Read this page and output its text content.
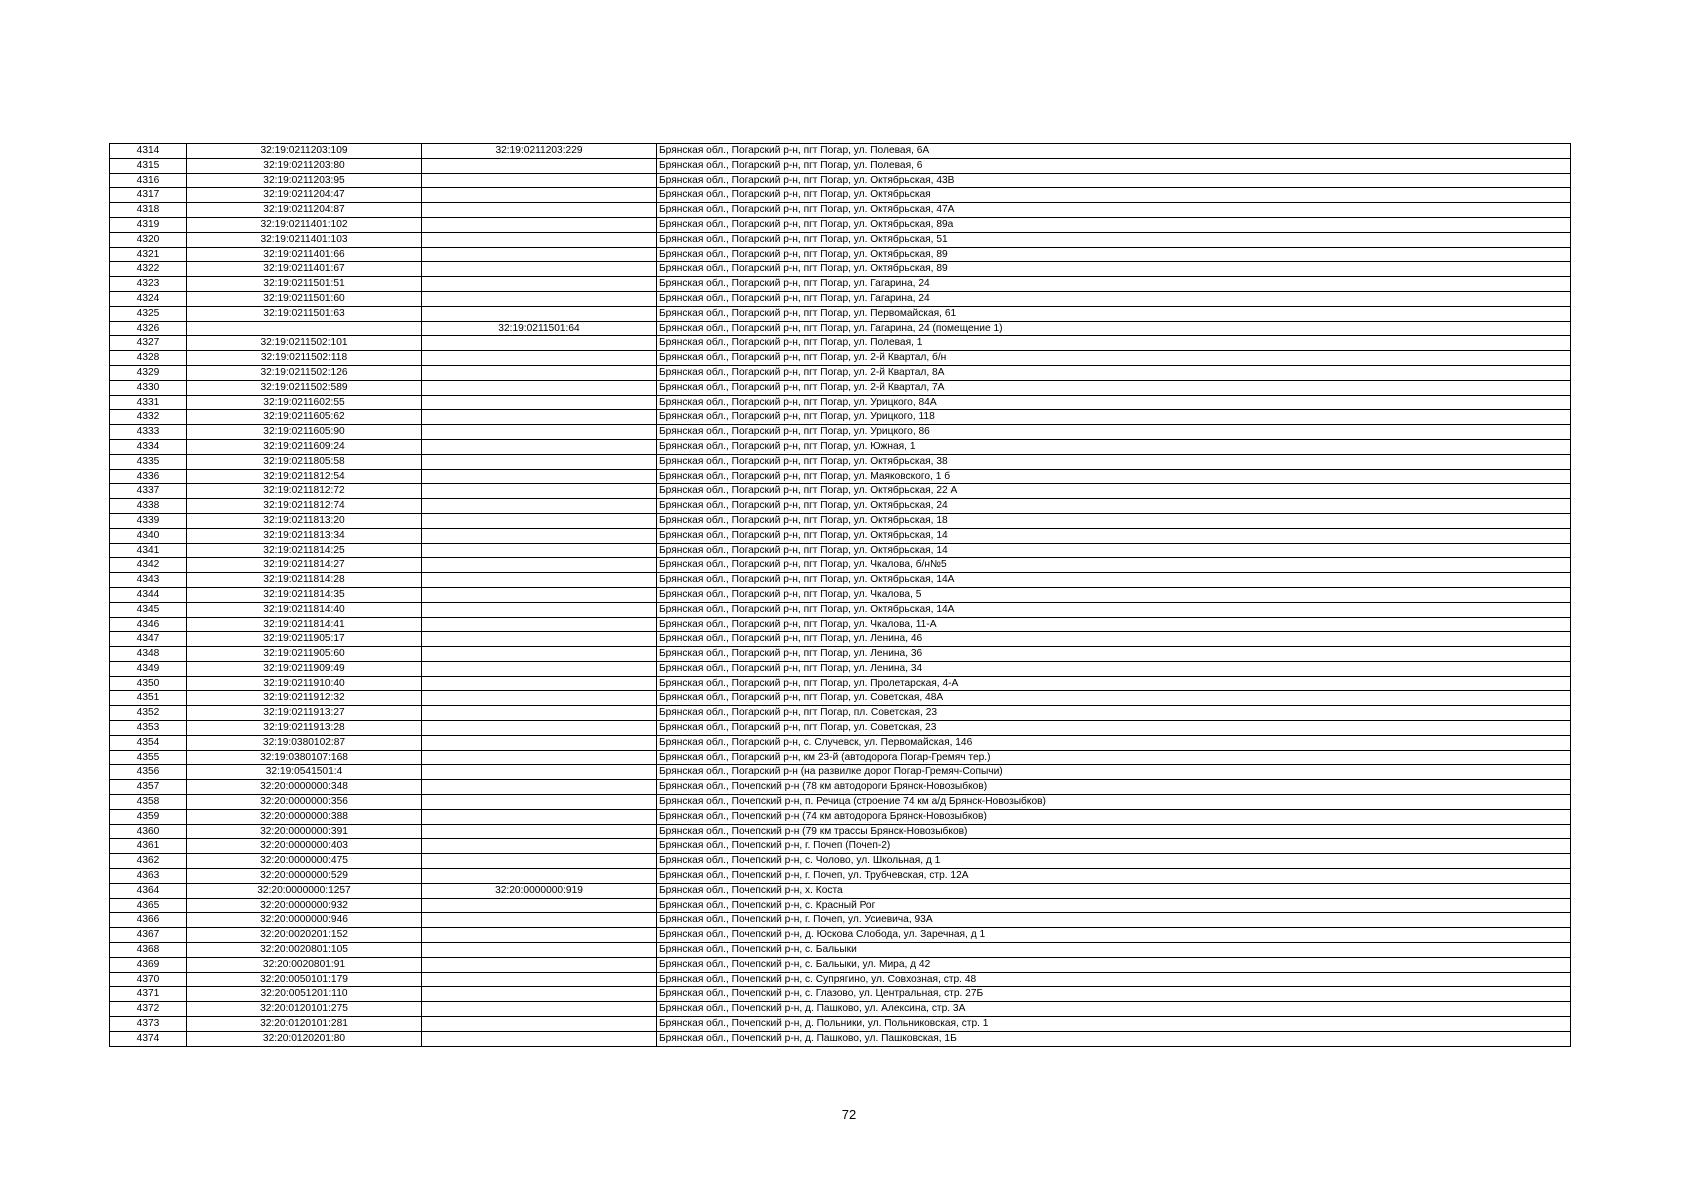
4314	32:19:0211203:109	32:19:0211203:229	Брянская обл., Погарский р-н, пгт Погар, ул. Полевая, 6А
4315	32:19:0211203:80		Брянская обл., Погарский р-н, пгт Погар, ул. Полевая, 6
4316	32:19:0211203:95		Брянская обл., Погарский р-н, пгт Погар, ул. Октябрьская, 43В
4317	32:19:0211204:47		Брянская обл., Погарский р-н, пгт Погар, ул. Октябрьская
4318	32:19:0211204:87		Брянская обл., Погарский р-н, пгт Погар, ул. Октябрьская, 47А
4319	32:19:0211401:102		Брянская обл., Погарский р-н, пгт Погар, ул. Октябрьская, 89а
4320	32:19:0211401:103		Брянская обл., Погарский р-н, пгт Погар, ул. Октябрьская, 51
4321	32:19:0211401:66		Брянская обл., Погарский р-н, пгт Погар, ул. Октябрьская, 89
4322	32:19:0211401:67		Брянская обл., Погарский р-н, пгт Погар, ул. Октябрьская, 89
4323	32:19:0211501:51		Брянская обл., Погарский р-н, пгт Погар, ул. Гагарина, 24
4324	32:19:0211501:60		Брянская обл., Погарский р-н, пгт Погар, ул. Гагарина, 24
4325	32:19:0211501:63		Брянская обл., Погарский р-н, пгт Погар, ул. Первомайская, 61
4326		32:19:0211501:64	Брянская обл., Погарский р-н, пгт Погар, ул. Гагарина, 24 (помещение 1)
4327	32:19:0211502:101		Брянская обл., Погарский р-н, пгт Погар, ул. Полевая, 1
4328	32:19:0211502:118		Брянская обл., Погарский р-н, пгт Погар, ул. 2-й Квартал, б/н
4329	32:19:0211502:126		Брянская обл., Погарский р-н, пгт Погар, ул. 2-й Квартал, 8А
4330	32:19:0211502:589		Брянская обл., Погарский р-н, пгт Погар, ул. 2-й Квартал, 7А
4331	32:19:0211602:55		Брянская обл., Погарский р-н, пгт Погар, ул. Урицкого, 84А
4332	32:19:0211605:62		Брянская обл., Погарский р-н, пгт Погар, ул. Урицкого, 118
4333	32:19:0211605:90		Брянская обл., Погарский р-н, пгт Погар, ул. Урицкого, 86
4334	32:19:0211609:24		Брянская обл., Погарский р-н, пгт Погар, ул. Южная, 1
4335	32:19:0211805:58		Брянская обл., Погарский р-н, пгт Погар, ул. Октябрьская, 38
4336	32:19:0211812:54		Брянская обл., Погарский р-н, пгт Погар, ул. Маяковского, 1 б
4337	32:19:0211812:72		Брянская обл., Погарский р-н, пгт Погар, ул. Октябрьская, 22 А
4338	32:19:0211812:74		Брянская обл., Погарский р-н, пгт Погар, ул. Октябрьская, 24
4339	32:19:0211813:20		Брянская обл., Погарский р-н, пгт Погар, ул. Октябрьская, 18
4340	32:19:0211813:34		Брянская обл., Погарский р-н, пгт Погар, ул. Октябрьская, 14
4341	32:19:0211814:25		Брянская обл., Погарский р-н, пгт Погар, ул. Октябрьская, 14
4342	32:19:0211814:27		Брянская обл., Погарский р-н, пгт Погар, ул. Чкалова, б/н№5
4343	32:19:0211814:28		Брянская обл., Погарский р-н, пгт Погар, ул. Октябрьская, 14А
4344	32:19:0211814:35		Брянская обл., Погарский р-н, пгт Погар, ул. Чкалова, 5
4345	32:19:0211814:40		Брянская обл., Погарский р-н, пгт Погар, ул. Октябрьская, 14А
4346	32:19:0211814:41		Брянская обл., Погарский р-н, пгт Погар, ул. Чкалова, 11-А
4347	32:19:0211905:17		Брянская обл., Погарский р-н, пгт Погар, ул. Ленина, 46
4348	32:19:0211905:60		Брянская обл., Погарский р-н, пгт Погар, ул. Ленина, 36
4349	32:19:0211909:49		Брянская обл., Погарский р-н, пгт Погар, ул. Ленина, 34
4350	32:19:0211910:40		Брянская обл., Погарский р-н, пгт Погар, ул. Пролетарская, 4-А
4351	32:19:0211912:32		Брянская обл., Погарский р-н, пгт Погар, ул. Советская, 48А
4352	32:19:0211913:27		Брянская обл., Погарский р-н, пгт Погар, пл. Советская, 23
4353	32:19:0211913:28		Брянская обл., Погарский р-н, пгт Погар, ул. Советская, 23
4354	32:19:0380102:87		Брянская обл., Погарский р-н, с. Случевск, ул. Первомайская, 146
4355	32:19:0380107:168		Брянская обл., Погарский р-н, км 23-й (автодорога Погар-Гремяч тер.)
4356	32:19:0541501:4		Брянская обл., Погарский р-н (на развилке дорог Погар-Гремяч-Сопычи)
4357	32:20:0000000:348		Брянская обл., Почепский р-н (78 км автодороги Брянск-Новозыбков)
4358	32:20:0000000:356		Брянская обл., Почепский р-н, п. Речица (строение 74 км а/д Брянск-Новозыбков)
4359	32:20:0000000:388		Брянская обл., Почепский р-н (74 км автодорога Брянск-Новозыбков)
4360	32:20:0000000:391		Брянская обл., Почепский р-н (79 км трассы Брянск-Новозыбков)
4361	32:20:0000000:403		Брянская обл., Почепский р-н, г. Почеп (Почеп-2)
4362	32:20:0000000:475		Брянская обл., Почепский р-н, с. Чолово, ул. Школьная, д 1
4363	32:20:0000000:529		Брянская обл., Почепский р-н, г. Почеп, ул. Трубчевская, стр. 12А
4364	32:20:0000000:1257	32:20:0000000:919	Брянская обл., Почепский р-н, х. Коста
4365	32:20:0000000:932		Брянская обл., Почепский р-н, с. Красный Рог
4366	32:20:0000000:946		Брянская обл., Почепский р-н, г. Почеп, ул. Усиевича, 93А
4367	32:20:0020201:152		Брянская обл., Почепский р-н, д. Юскова Слобода, ул. Заречная, д 1
4368	32:20:0020801:105		Брянская обл., Почепский р-н, с. Бальыки
4369	32:20:0020801:91		Брянская обл., Почепский р-н, с. Бальыки, ул. Мира, д 42
4370	32:20:0050101:179		Брянская обл., Почепский р-н, с. Супрягино, ул. Совхозная, стр. 48
4371	32:20:0051201:110		Брянская обл., Почепский р-н, с. Глазово, ул. Центральная, стр. 27Б
4372	32:20:0120101:275		Брянская обл., Почепский р-н, д. Пашково, ул. Алексина, стр. 3А
4373	32:20:0120101:281		Брянская обл., Почепский р-н, д. Польники, ул. Польниковская, стр. 1
4374	32:20:0120201:80		Брянская обл., Почепский р-н, д. Пашково, ул. Пашковская, 1Б
72
